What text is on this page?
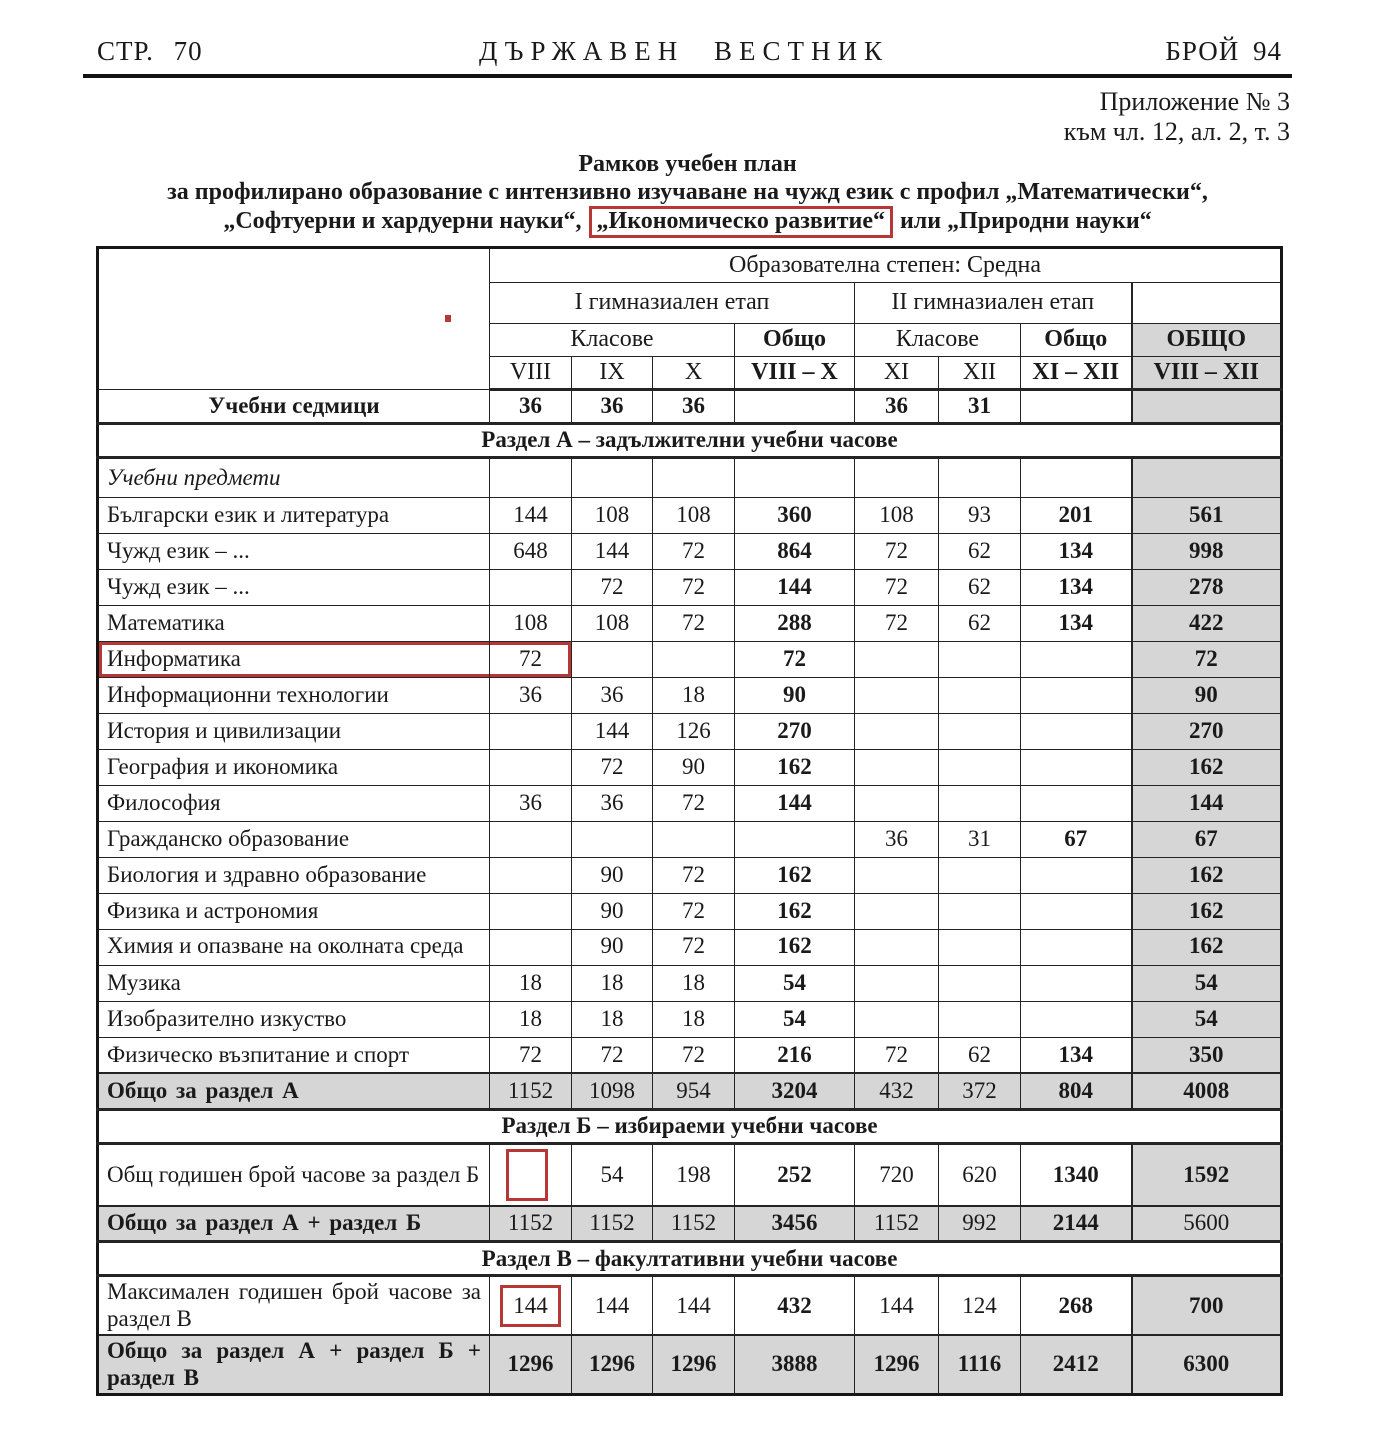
СТР. 70	ДЪРЖАВЕН ВЕСТНИК	БРОЙ 94
Приложение № 3
към чл. 12, ал. 2, т. 3
Рамков учебен план
за профилирано образование с интензивно изучаване на чужд език с профил „Математически“,
„Софтуерни и хардуерни науки“, „Икономическо развитие“ или „Природни науки“
	Образователна степен: Средна							
	I гимназиален етап				II гимназиален етап			
	Класове			Общо	Класове		Общо	ОБЩО
	VIII	IX	X	VIII – X	XI	XII	XI – XII	VIII – XII
Учебни седмици	36	36	36		36	31		
Раздел А – задължителни учебни часове								
Учебни предмети								
Български език и литература	144	108	108	360	108	93	201	561
Чужд език – ...	648	144	72	864	72	62	134	998
Чужд език – ...		72	72	144	72	62	134	278
Математика	108	108	72	288	72	62	134	422
Информатика	72			72				72
Информационни технологии	36	36	18	90				90
История и цивилизации		144	126	270				270
География и икономика		72	90	162				162
Философия	36	36	72	144				144
Гражданско образование					36	31	67	67
Биология и здравно образование		90	72	162				162
Физика и астрономия		90	72	162				162
Химия и опазване на околната среда		90	72	162				162
Музика	18	18	18	54				54
Изобразително изкуство	18	18	18	54				54
Физическо възпитание и спорт	72	72	72	216	72	62	134	350
Общо за раздел А	1152	1098	954	3204	432	372	804	4008
Раздел Б – избираеми учебни часове								
Общ годишен брой часове за раздел Б		54	198	252	720	620	1340	1592
Общо за раздел А + раздел Б	1152	1152	1152	3456	1152	992	2144	5600
Раздел В – факултативни учебни часове								
Максимален годишен брой часове за раздел В	144	144	144	432	144	124	268	700
Общо за раздел А + раздел Б + раздел В	1296	1296	1296	3888	1296	1116	2412	6300
